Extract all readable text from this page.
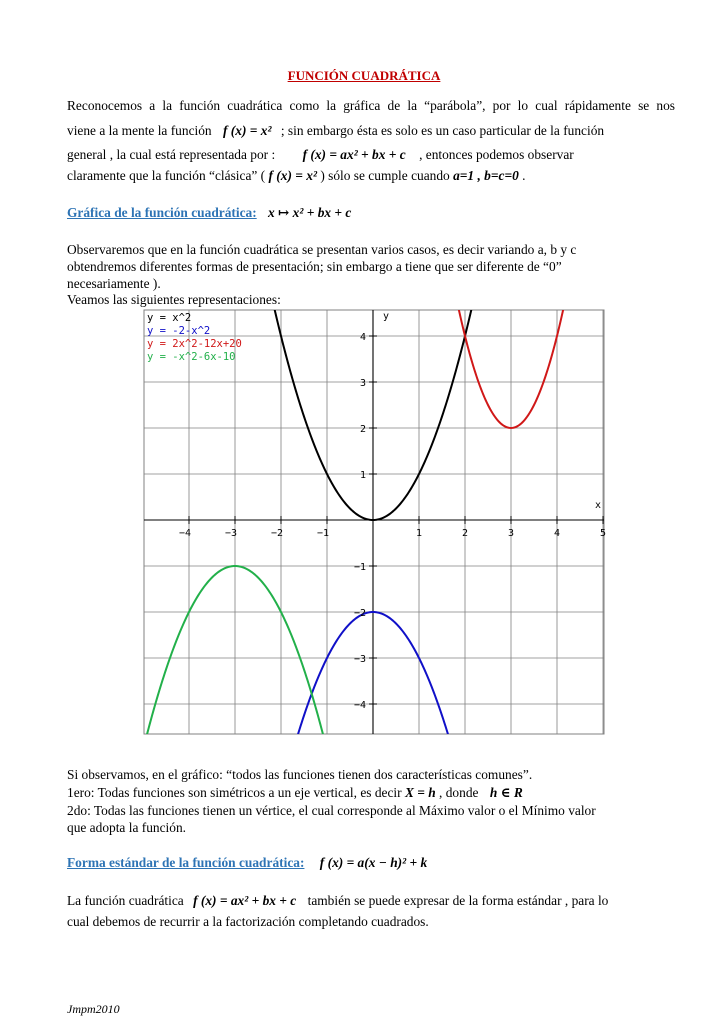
FUNCIÓN CUADRÁTICA
Reconocemos a la función cuadrática como la gráfica de la “parábola”, por lo cual rápidamente se nos
viene a la mente la función f (x) = x² ; sin embargo ésta es solo es un caso particular de la función
general , la cual está representada por : f (x) = ax² + bx + c , entonces podemos observar
claramente que la función “clásica” ( f (x) = x² ) sólo se cumple cuando a=1 , b=c=0 .
Gráfica de la función cuadrática: x ↦ x² + bx + c
Observaremos que en la función cuadrática se presentan varios casos, es decir variando a, b y c
obtendremos diferentes formas de presentación; sin embargo a tiene que ser diferente de “0”
necesariamente ).
Veamos las siguientes representaciones:
−4	−3	−2	−1	1	2	3	4	5
−4
−3
−2
−1
1
2
3
4
x
y
y = x^2
y = -2-x^2
y = 2x^2-12x+20
y = -x^2-6x-10
Si observamos, en el gráfico: “todos las funciones tienen dos características comunes”.
1ero: Todas funciones son simétricos a un eje vertical, es decir X = h , donde h ∈ R
2do: Todas las funciones tienen un vértice, el cual corresponde al Máximo valor o el Mínimo valor
que adopta la función.
Forma estándar de la función cuadrática: f (x) = a(x − h)² + k
La función cuadrática f (x) = ax² + bx + c también se puede expresar de la forma estándar , para lo
cual debemos de recurrir a la factorización completando cuadrados.
Jmpm2010
